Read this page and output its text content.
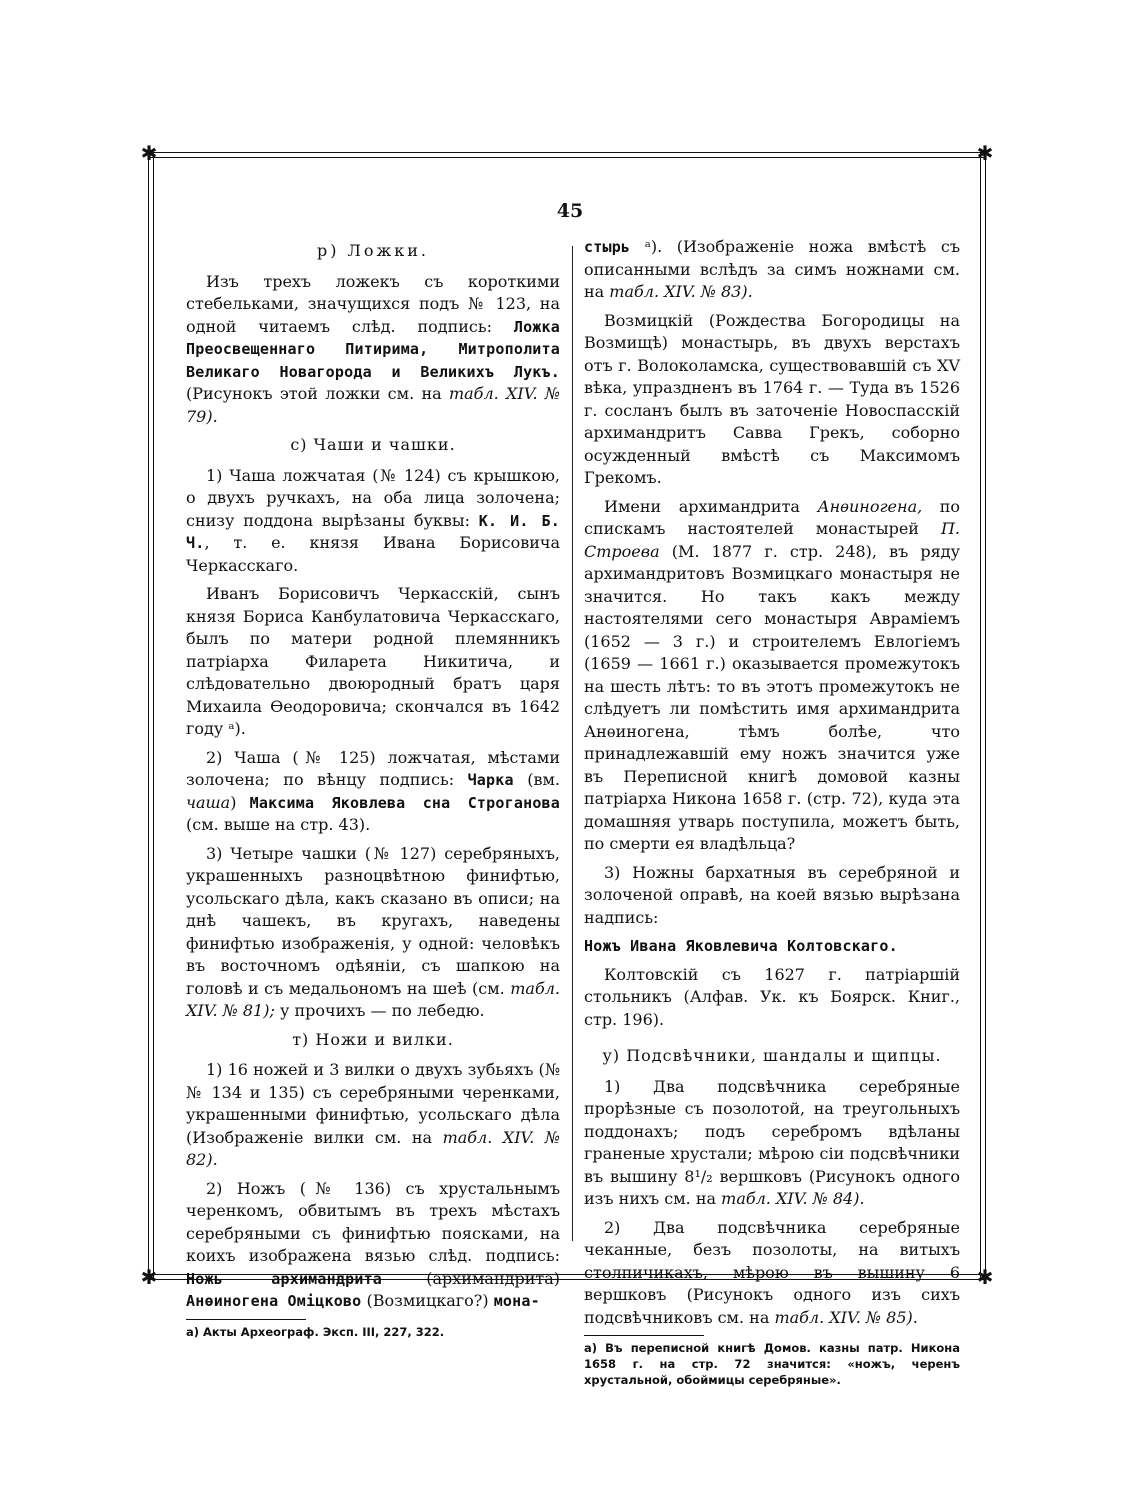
✱	✱
✱	✱
45
р) Ложки.

Изъ трехъ ложекъ съ короткими стебельками, значущихся подъ № 123, на одной читаемъ слѣд. подпись: Ложка Преосвещеннаго Питирима, Митрополита Великаго Новагорода и Великихъ Лукъ. (Рисунокъ этой ложки см. на табл. XIV. № 79).

с) Чаши и чашки.

1) Чаша ложчатая (№ 124) съ крышкою, о двухъ ручкахъ, на оба лица золочена; снизу поддона вырѣзаны буквы: К. И. Б. Ч., т. е. князя Ивана Борисовича Черкасскаго.

Иванъ Борисовичъ Черкасскій, сынъ князя Бориса Канбулатовича Черкасскаго, былъ по матери родной племянникъ патріарха Филарета Никитича, и слѣдовательно двоюродный братъ царя Михаила Ѳеодоровича; скончался въ 1642 году ᵃ).

2) Чаша (№ 125) ложчатая, мѣстами золочена; по вѣнцу подпись: Чарка (вм. чаша) Максима Яковлева сна Строганова (см. выше на стр. 43).

3) Четыре чашки (№ 127) серебряныхъ, украшенныхъ разноцвѣтною финифтью, усольскаго дѣла, какъ сказано въ описи; на днѣ чашекъ, въ кругахъ, наведены финифтью изображенія, у одной: человѣкъ въ восточномъ одѣяніи, съ шапкою на головѣ и съ медальономъ на шеѣ (см. табл. XIV. № 81); у прочихъ — по лебедю.

т) Ножи и вилки.

1) 16 ножей и 3 вилки о двухъ зубьяхъ (№№ 134 и 135) съ серебряными черенками, украшенными финифтью, усольскаго дѣла (Изображеніе вилки см. на табл. XIV. № 82).

2) Ножъ (№ 136) съ хрустальнымъ черенкомъ, обвитымъ въ трехъ мѣстахъ серебряными съ финифтью поясками, на коихъ изображена вязью слѣд. подпись: Ножь архимандрита (архимандрита) Анѳиногена Оміцково (Возмицкаго?) мона-

а) Акты Археограф. Эксп. III, 227, 322.

стырь ᵃ). (Изображеніе ножа вмѣстѣ съ описанными вслѣдъ за симъ ножнами см. на табл. XIV. № 83).

Возмицкій (Рождества Богородицы на Возмищѣ) монастырь, въ двухъ верстахъ отъ г. Волоколамска, существовавшій съ XV вѣка, упраздненъ въ 1764 г. — Туда въ 1526 г. сосланъ былъ въ заточеніе Новоспасскій архимандритъ Савва Грекъ, соборно осужденный вмѣстѣ съ Максимомъ Грекомъ.

Имени архимандрита Анѳиногена, по спискамъ настоятелей монастырей П. Строева (М. 1877 г. стр. 248), въ ряду архимандритовъ Возмицкаго монастыря не значится. Но такъ какъ между настоятелями сего монастыря Авраміемъ (1652 — 3 г.) и строителемъ Евлогіемъ (1659 — 1661 г.) оказывается промежутокъ на шесть лѣтъ: то въ этотъ промежутокъ не слѣдуетъ ли помѣстить имя архимандрита Анѳиногена, тѣмъ болѣе, что принадлежавшій ему ножъ значится уже въ Переписной книгѣ домовой казны патріарха Никона 1658 г. (стр. 72), куда эта домашняя утварь поступила, можетъ быть, по смерти ея владѣльца?

3) Ножны бархатныя въ серебряной и золоченой оправѣ, на коей вязью вырѣзана надпись:

Ножъ Ивана Яковлевича Колтовскаго.

Колтовскій съ 1627 г. патріаршій стольникъ (Алфав. Ук. къ Боярск. Книг., стр. 196).

у) Подсвѣчники, шандалы и щипцы.

1) Два подсвѣчника серебряные прорѣзные съ позолотой, на треугольныхъ поддонахъ; подъ серебромъ вдѣланы граненые хрустали; мѣрою сіи подсвѣчники въ вышину 8¹/₂ вершковъ (Рисунокъ одного изъ нихъ см. на табл. XIV. № 84).

2) Два подсвѣчника серебряные чеканные, безъ позолоты, на витыхъ столпичикахъ, мѣрою въ вышину 6 вершковъ (Рисунокъ одного изъ сихъ подсвѣчниковъ см. на табл. XIV. № 85).

а) Въ переписной книгѣ Домов. казны патр. Никона 1658 г. на стр. 72 значится: «ножъ, черенъ хрустальной, обоймицы серебряные».
